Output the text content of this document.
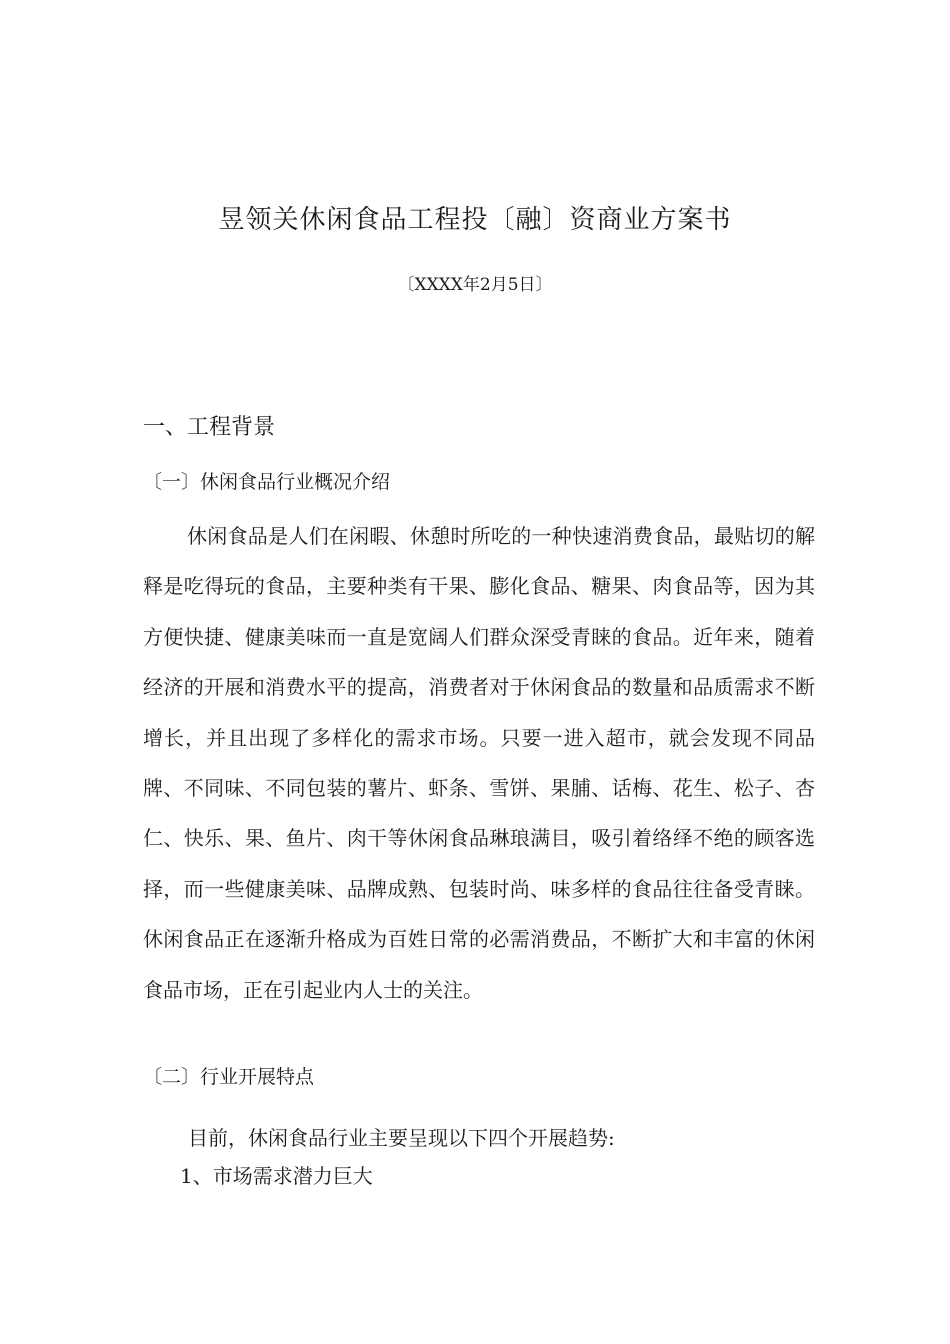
昱领关休闲食品工程投〔融〕资商业方案书
〔XXXX年2月5日〕
一、工程背景
〔一〕休闲食品行业概况介绍

休闲食品是人们在闲暇、休憩时所吃的一种快速消费食品，最贴切的解释是吃得玩的食品，主要种类有干果、膨化食品、糖果、肉食品等，因为其方便快捷、健康美味而一直是宽阔人们群众深受青睐的食品。近年来，随着经济的开展和消费水平的提高，消费者对于休闲食品的数量和品质需求不断增长，并且出现了多样化的需求市场。只要一进入超市，就会发现不同品牌、不同味、不同包装的薯片、虾条、雪饼、果脯、话梅、花生、松子、杏仁、快乐、果、鱼片、肉干等休闲食品琳琅满目，吸引着络绎不绝的顾客选择，而一些健康美味、品牌成熟、包装时尚、味多样的食品往往备受青睐。休闲食品正在逐渐升格成为百姓日常的必需消费品，不断扩大和丰富的休闲食品市场，正在引起业内人士的关注。

〔二〕行业开展特点
目前，休闲食品行业主要呈现以下四个开展趋势:
1、市场需求潜力巨大
